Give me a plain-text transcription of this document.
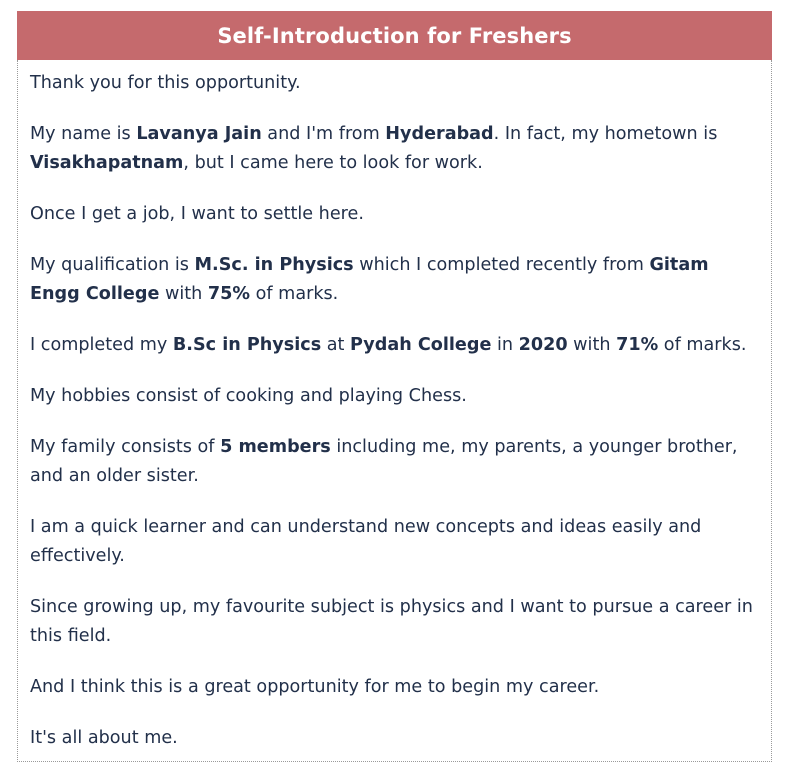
Self-Introduction for Freshers

Thank you for this opportunity.

My name is Lavanya Jain and I'm from Hyderabad. In fact, my hometown is Visakhapatnam, but I came here to look for work.

Once I get a job, I want to settle here.

My qualification is M.Sc. in Physics which I completed recently from Gitam Engg College with 75% of marks.

I completed my B.Sc in Physics at Pydah College in 2020 with 71% of marks.

My hobbies consist of cooking and playing Chess.

My family consists of 5 members including me, my parents, a younger brother, and an older sister.

I am a quick learner and can understand new concepts and ideas easily and effectively.

Since growing up, my favourite subject is physics and I want to pursue a career in this field.

And I think this is a great opportunity for me to begin my career.

It's all about me.
